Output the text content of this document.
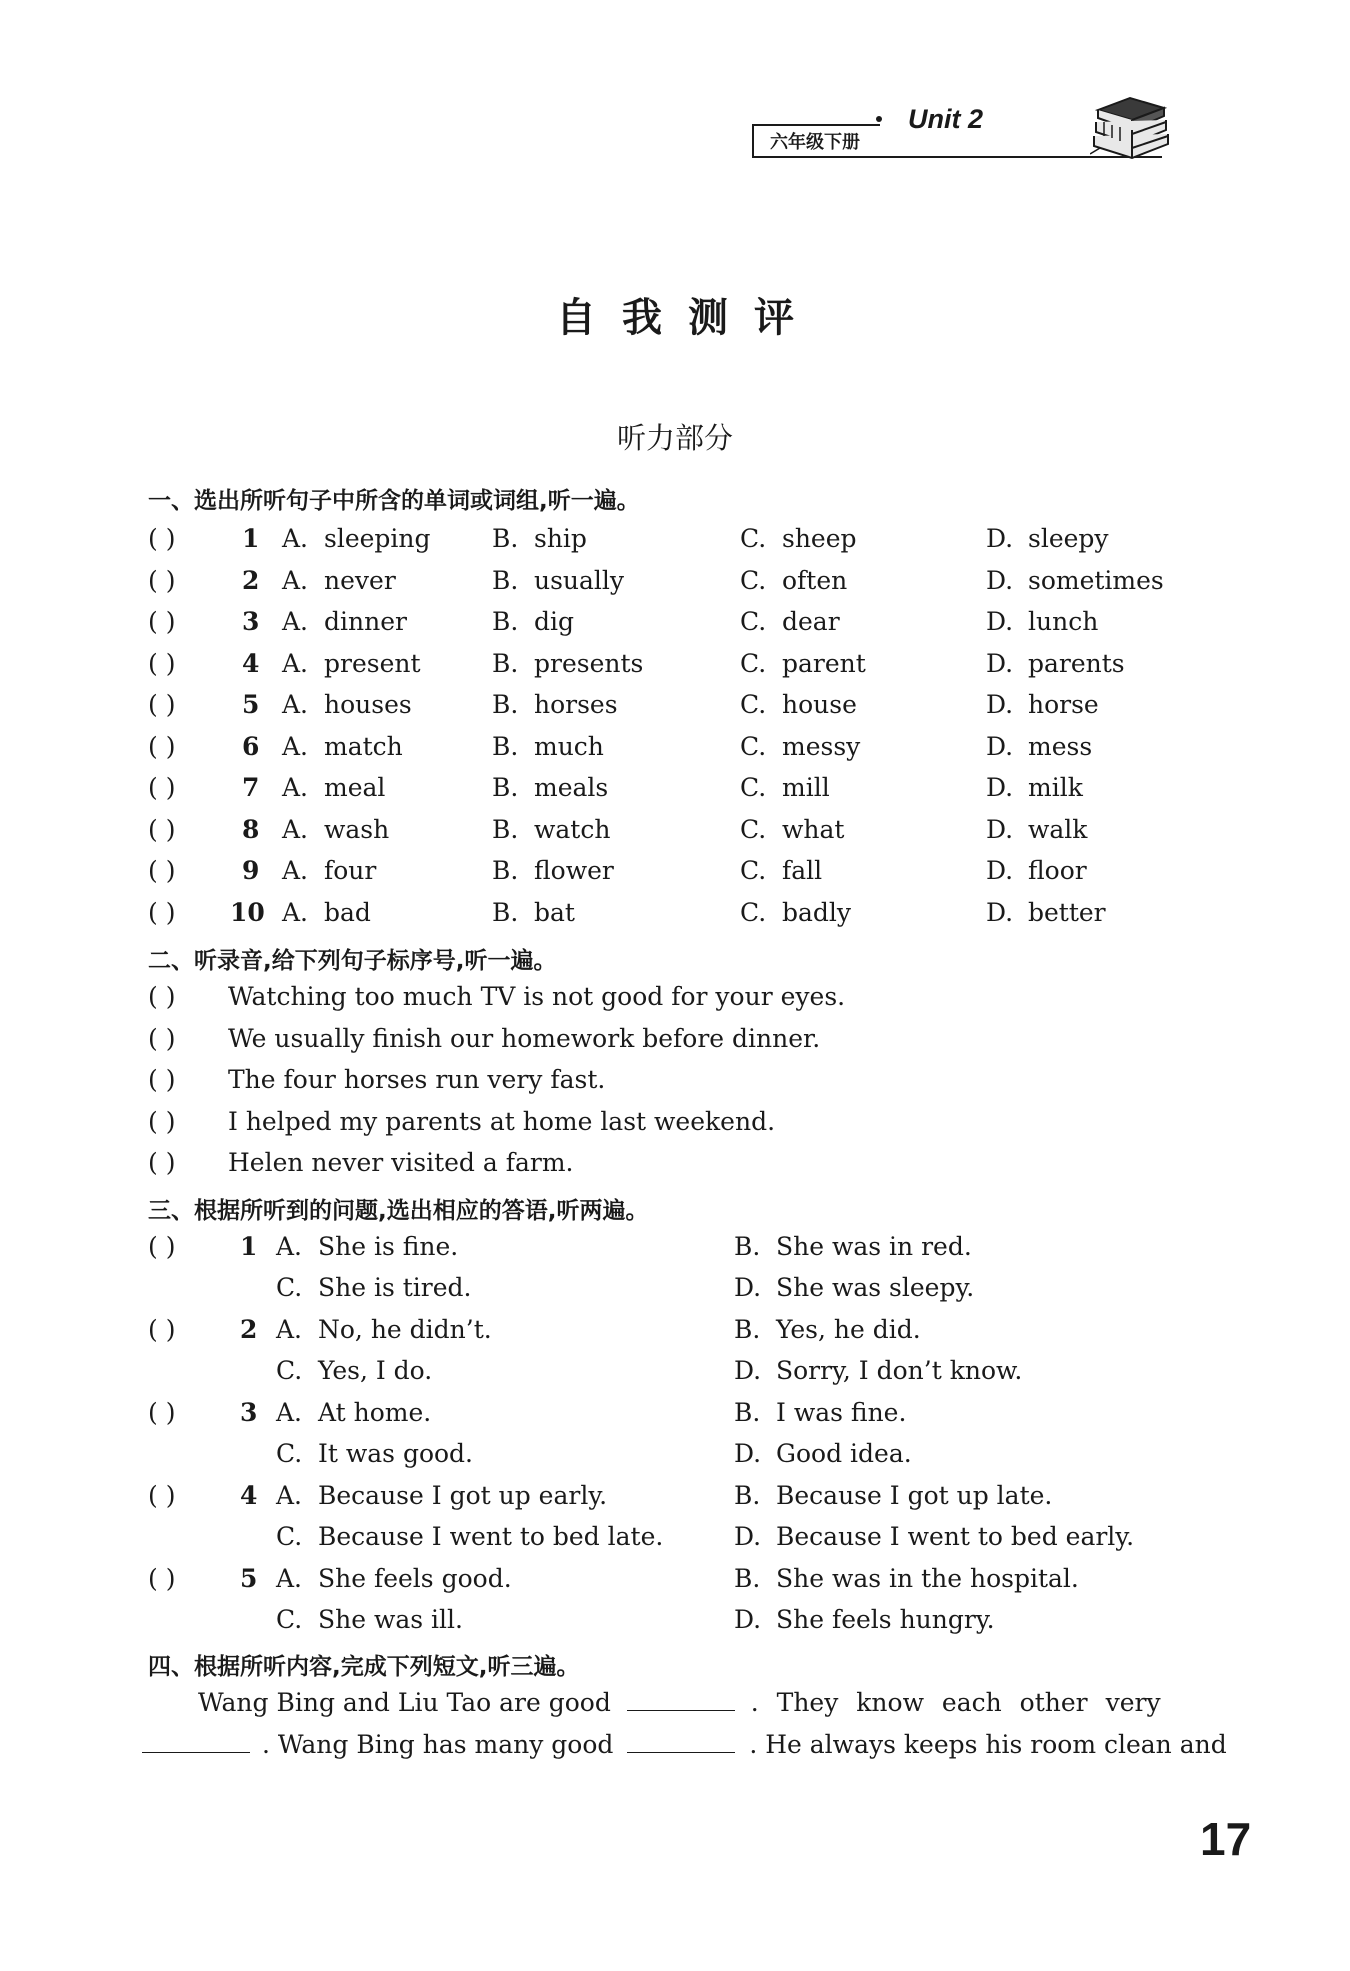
六年级下册
Unit 2
自我测评
听力部分
一、选出所听句子中所含的单词或词组,听一遍。
( )	1 A. sleeping B. ship	C. sheep	D. sleepy
( )	2 A. never	B. usually	C. often	D. sometimes
( )	3 A. dinner	B. dig	C. dear	D. lunch
( )	4 A. present	B. presents	C. parent	D. parents
( )	5 A. houses	B. horses	C. house	D. horse
( )	6 A. match	B. much	C. messy	D. mess
( )	7 A. meal	B. meals	C. mill	D. milk
( )	8 A. wash	B. watch	C. what	D. walk
( )	9 A. four	B. flower	C. fall	D. floor
( ) 10 A. bad	B. bat	C. badly	D. better
二、听录音,给下列句子标序号,听一遍。
( ) Watching too much TV is not good for your eyes.
( ) We usually finish our homework before dinner.
( ) The four horses run very fast.
( ) I helped my parents at home last weekend.
( ) Helen never visited a farm.
三、根据所听到的问题,选出相应的答语,听两遍。
( )	1 A. She is fine.	B. She was in red.
C. She is tired.	D. She was sleepy.
( )	2 A. No, he didn’t.	B. Yes, he did.
C. Yes, I do.	D. Sorry, I don’t know.
( )	3 A. At home.	B. I was fine.
C. It was good.	D. Good idea.
( )	4 A. Because I got up early.	B. Because I got up late.
C. Because I went to bed late.	D. Because I went to bed early.
( )	5 A. She feels good.	B. She was in the hospital.
C. She was ill.	D. She feels hungry.
四、根据所听内容,完成下列短文,听三遍。
Wang Bing and Liu Tao are good	. They know each other very
. Wang Bing has many good	. He always keeps his room clean and
17
